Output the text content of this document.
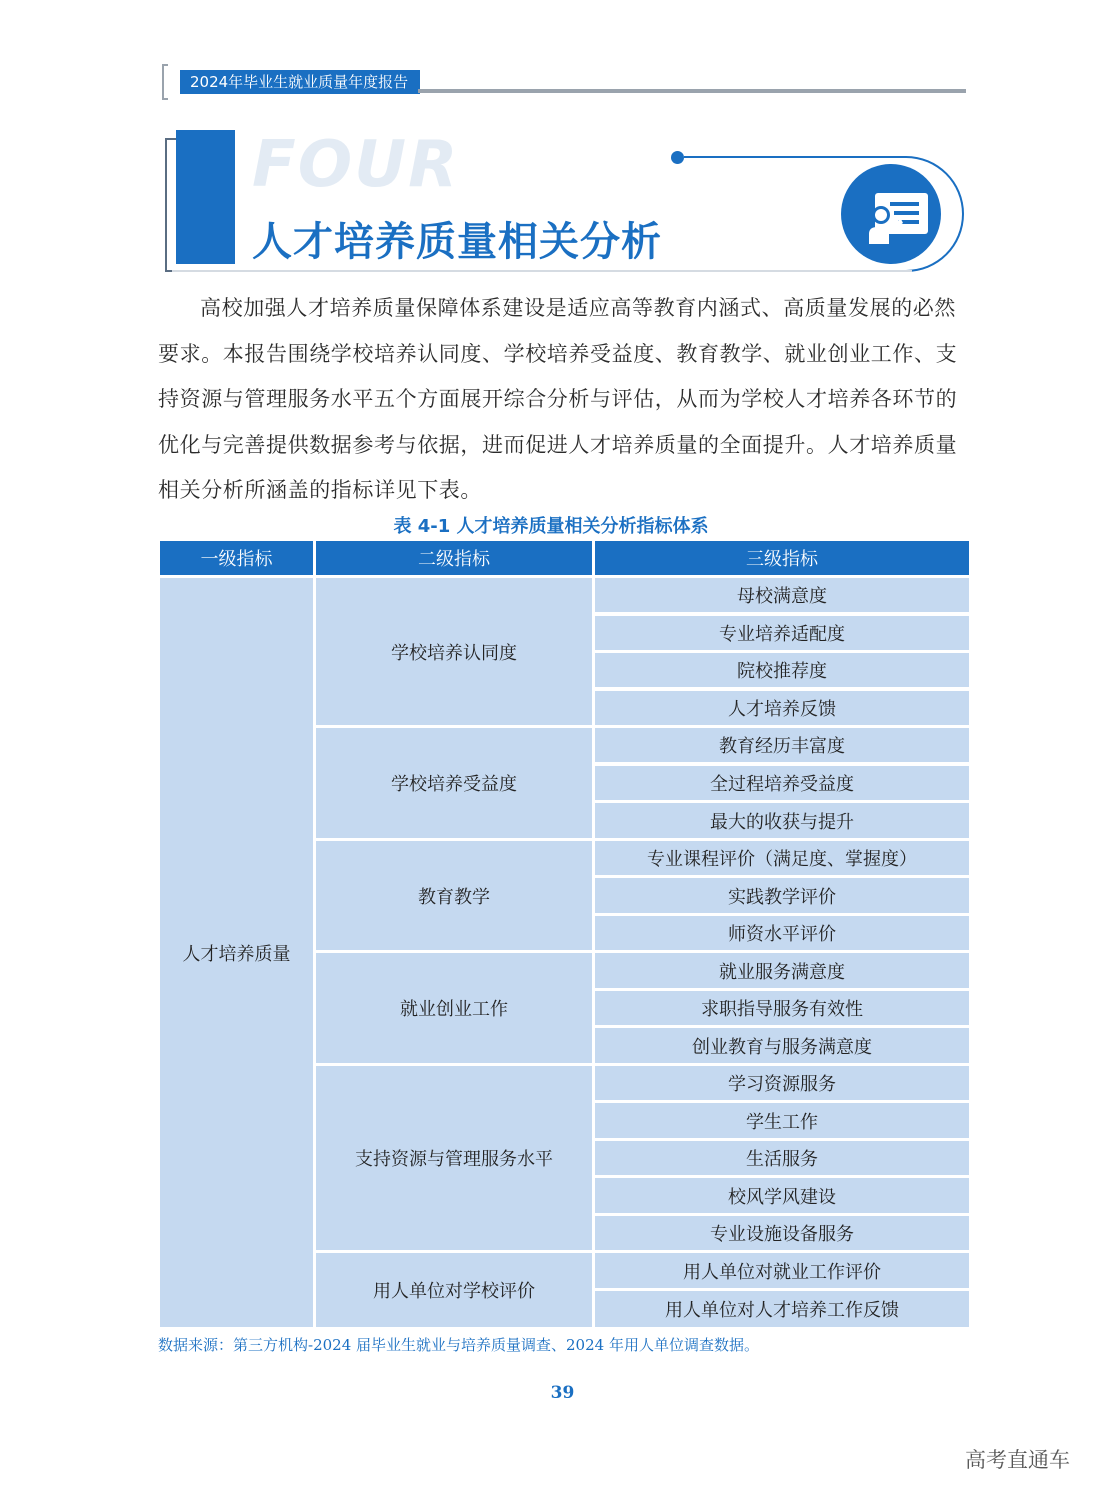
2024年毕业生就业质量年度报告
FOUR
人才培养质量相关分析

高校加强人才培养质量保障体系建设是适应高等教育内涵式、高质量发展的必然要求。本报告围绕学校培养认同度、学校培养受益度、教育教学、就业创业工作、支持资源与管理服务水平五个方面展开综合分析与评估，从而为学校人才培养各环节的优化与完善提供数据参考与依据，进而促进人才培养质量的全面提升。人才培养质量相关分析所涵盖的指标详见下表。

表 4-1 人才培养质量相关分析指标体系
一级指标	二级指标	三级指标
人才培养质量
学校培养认同度
学校培养受益度
教育教学
就业创业工作
支持资源与管理服务水平
用人单位对学校评价
母校满意度
专业培养适配度
院校推荐度
人才培养反馈
教育经历丰富度
全过程培养受益度
最大的收获与提升
专业课程评价（满足度、掌握度）
实践教学评价
师资水平评价
就业服务满意度
求职指导服务有效性
创业教育与服务满意度
学习资源服务
学生工作
生活服务
校风学风建设
专业设施设备服务
用人单位对就业工作评价
用人单位对人才培养工作反馈
数据来源：第三方机构-2024 届毕业生就业与培养质量调查、2024 年用人单位调查数据。
39
高考直通车
